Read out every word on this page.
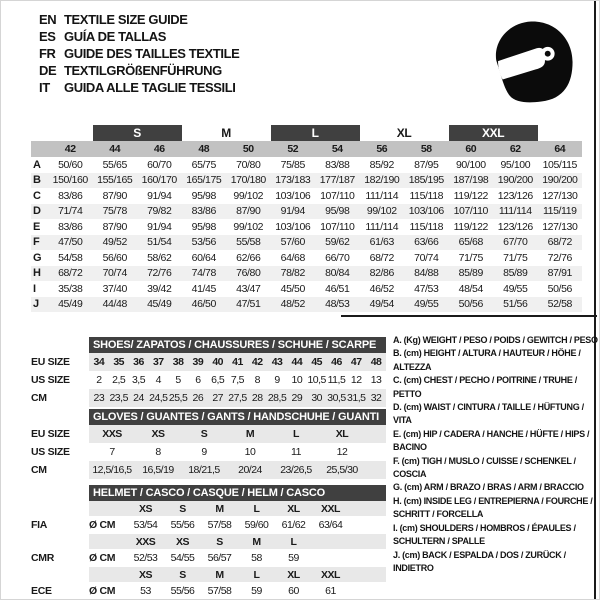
EN TEXTILE SIZE GUIDE
ES GUÍA DE TALLAS
FR GUIDE DES TAILLES TEXTILE
DE TEXTILGRÖßENFÜHRUNG
IT	GUIDA ALLE TAGLIE TESSILI
		S		M		L		XL		XXL		
	42	44	46	48	50	52	54	56	58	60	62	64
A	50/60	55/65	60/70	65/75	70/80	75/85	83/88	85/92	87/95	90/100	95/100	105/115
B	150/160	155/165	160/170	165/175	170/180	173/183	177/187	182/190	185/195	187/198	190/200	190/200
C	83/86	87/90	91/94	95/98	99/102	103/106	107/110	111/114	115/118	119/122	123/126	127/130
D	71/74	75/78	79/82	83/86	87/90	91/94	95/98	99/102	103/106	107/110	111/114	115/119
E	83/86	87/90	91/94	95/98	99/102	103/106	107/110	111/114	115/118	119/122	123/126	127/130
F	47/50	49/52	51/54	53/56	55/58	57/60	59/62	61/63	63/66	65/68	67/70	68/72
G	54/58	56/60	58/62	60/64	62/66	64/68	66/70	68/72	70/74	71/75	71/75	72/76
H	68/72	70/74	72/76	74/78	76/80	78/82	80/84	82/86	84/88	85/89	85/89	87/91
I	35/38	37/40	39/42	41/45	43/47	45/50	46/51	46/52	47/53	48/54	49/55	50/56
J	45/49	44/48	45/49	46/50	47/51	48/52	48/53	49/54	49/55	50/56	51/56	52/58
SHOES/ ZAPATOS / CHAUSSURES / SCHUHE / SCARPE
EU SIZE	34 35 36 37 38 39 40 41 42 43 44 45 46 47 48
US SIZE	2	2,5 3,5	4	5	6	6,5 7,5	8	9	10 10,5 11,5 12 13
CM	23 23,5 24 24,5 25,5 26 27 27,5 28 28,5 29 30 30,5 31,5 32
GLOVES / GUANTES / GANTS / HANDSCHUHE / GUANTI
EU SIZE	XXS	XS	S	M	L	XL
US SIZE	7	8	9	10	11	12
CM	12,5/16,5	16,5/19	18/21,5	20/24	23/26,5	25,5/30
HELMET / CASCO / CASQUE / HELM / CASCO
XS	S	M	L	XL	XXL
FIA	Ø CM	53/54	55/56	57/58	59/60	61/62	63/64
XXS	XS	S	M	L
CMR	Ø CM	52/53	54/55	56/57	58	59
XS	S	M	L	XL	XXL
ECE	Ø CM	53	55/56	57/58	59	60	61
A. (Kg) WEIGHT / PESO / POIDS / GEWITCH / PESO
B. (cm) HEIGHT / ALTURA / HAUTEUR / HÖHE / ALTEZZA
C. (cm) CHEST / PECHO / POITRINE / TRUHE / PETTO
D. (cm) WAIST / CINTURA / TAILLE / HÜFTUNG / VITA
E. (cm) HIP / CADERA / HANCHE / HÜFTE / HIPS / BACINO
F. (cm) TIGH / MUSLO / CUISSE / SCHENKEL / COSCIA
G. (cm) ARM / BRAZO / BRAS / ARM / BRACCIO
H. (cm) INSIDE LEG / ENTREPIERNA / FOURCHE / SCHRITT / FORCELLA
I. (cm) SHOULDERS / HOMBROS / ÉPAULES / SCHULTERN / SPALLE
J. (cm) BACK / ESPALDA / DOS / ZURÜCK / INDIETRO
